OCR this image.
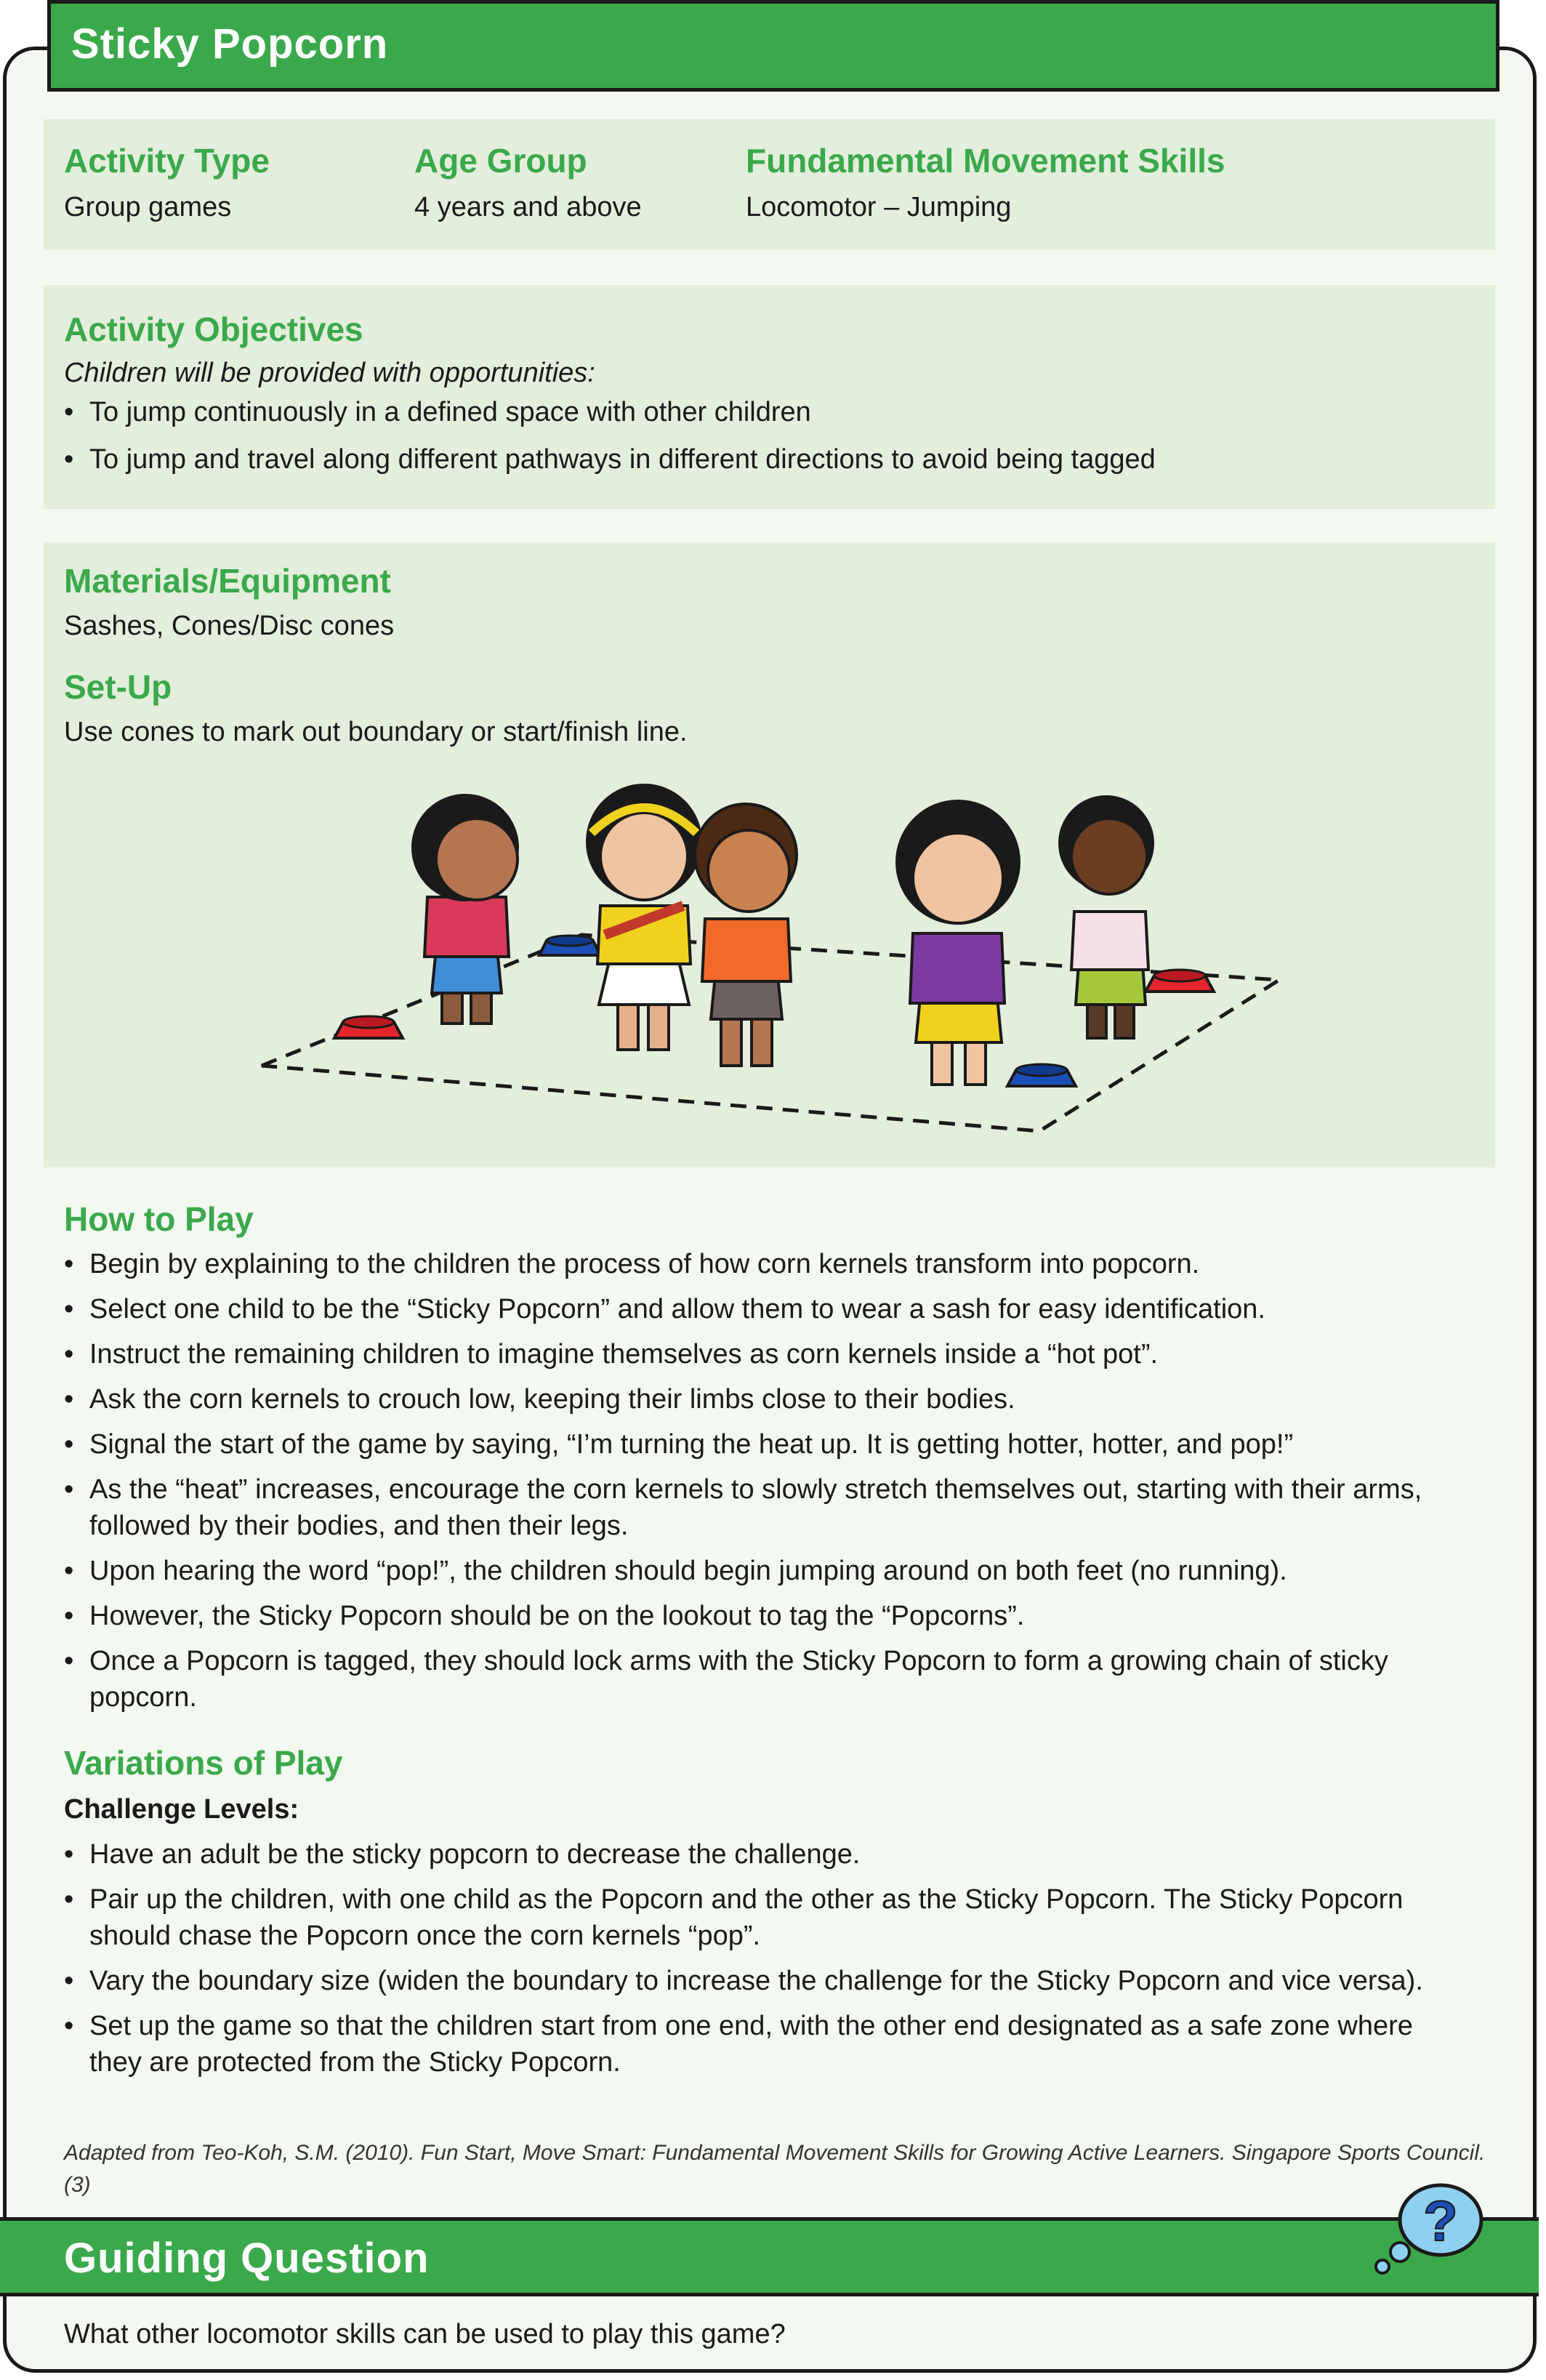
Sticky Popcorn
Activity Type
Group games
Age Group
4 years and above
Fundamental Movement Skills
Locomotor – Jumping
Activity Objectives
Children will be provided with opportunities:
• To jump continuously in a defined space with other children
• To jump and travel along different pathways in different directions to avoid being tagged
Materials/Equipment
Sashes, Cones/Disc cones
Set-Up
Use cones to mark out boundary or start/finish line.
How to Play
• Begin by explaining to the children the process of how corn kernels transform into popcorn.
• Select one child to be the “Sticky Popcorn” and allow them to wear a sash for easy identification.
• Instruct the remaining children to imagine themselves as corn kernels inside a “hot pot”.
• Ask the corn kernels to crouch low, keeping their limbs close to their bodies.
• Signal the start of the game by saying, “I’m turning the heat up. It is getting hotter, hotter, and pop!”
• As the “heat” increases, encourage the corn kernels to slowly stretch themselves out, starting with their arms, followed by their bodies, and then their legs.
• Upon hearing the word “pop!”, the children should begin jumping around on both feet (no running).
• However, the Sticky Popcorn should be on the lookout to tag the “Popcorns”.
• Once a Popcorn is tagged, they should lock arms with the Sticky Popcorn to form a growing chain of sticky popcorn.
Variations of Play
Challenge Levels:
• Have an adult be the sticky popcorn to decrease the challenge.
• Pair up the children, with one child as the Popcorn and the other as the Sticky Popcorn. The Sticky Popcorn should chase the Popcorn once the corn kernels “pop”.
• Vary the boundary size (widen the boundary to increase the challenge for the Sticky Popcorn and vice versa).
• Set up the game so that the children start from one end, with the other end designated as a safe zone where they are protected from the Sticky Popcorn.
Adapted from Teo-Koh, S.M. (2010). Fun Start, Move Smart: Fundamental Movement Skills for Growing Active Learners. Singapore Sports Council. (3)
Guiding Question
?
What other locomotor skills can be used to play this game?
